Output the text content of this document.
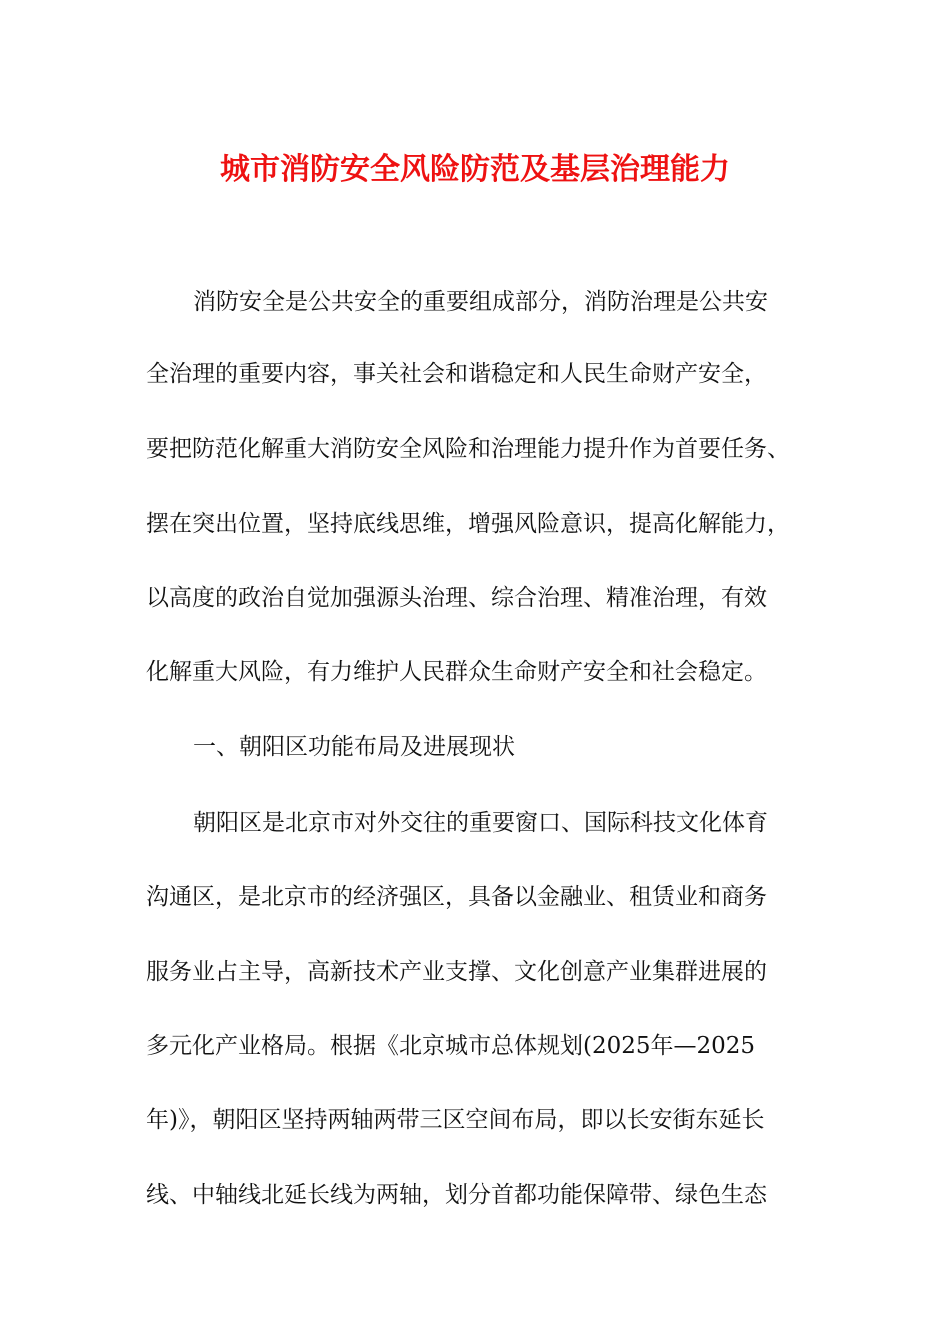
城市消防安全风险防范及基层治理能力

消防安全是公共安全的重要组成部分，消防治理是公共安

全治理的重要内容，事关社会和谐稳定和人民生命财产安全，

要把防范化解重大消防安全风险和治理能力提升作为首要任务、

摆在突出位置，坚持底线思维，增强风险意识，提高化解能力，

以高度的政治自觉加强源头治理、综合治理、精准治理，有效

化解重大风险，有力维护人民群众生命财产安全和社会稳定。

一、朝阳区功能布局及进展现状

朝阳区是北京市对外交往的重要窗口、国际科技文化体育

沟通区，是北京市的经济强区，具备以金融业、租赁业和商务

服务业占主导，高新技术产业支撑、文化创意产业集群进展的

多元化产业格局。根据《北京城市总体规划(2025年—2025

年)》，朝阳区坚持两轴两带三区空间布局，即以长安街东延长

线、中轴线北延长线为两轴，划分首都功能保障带、绿色生态
